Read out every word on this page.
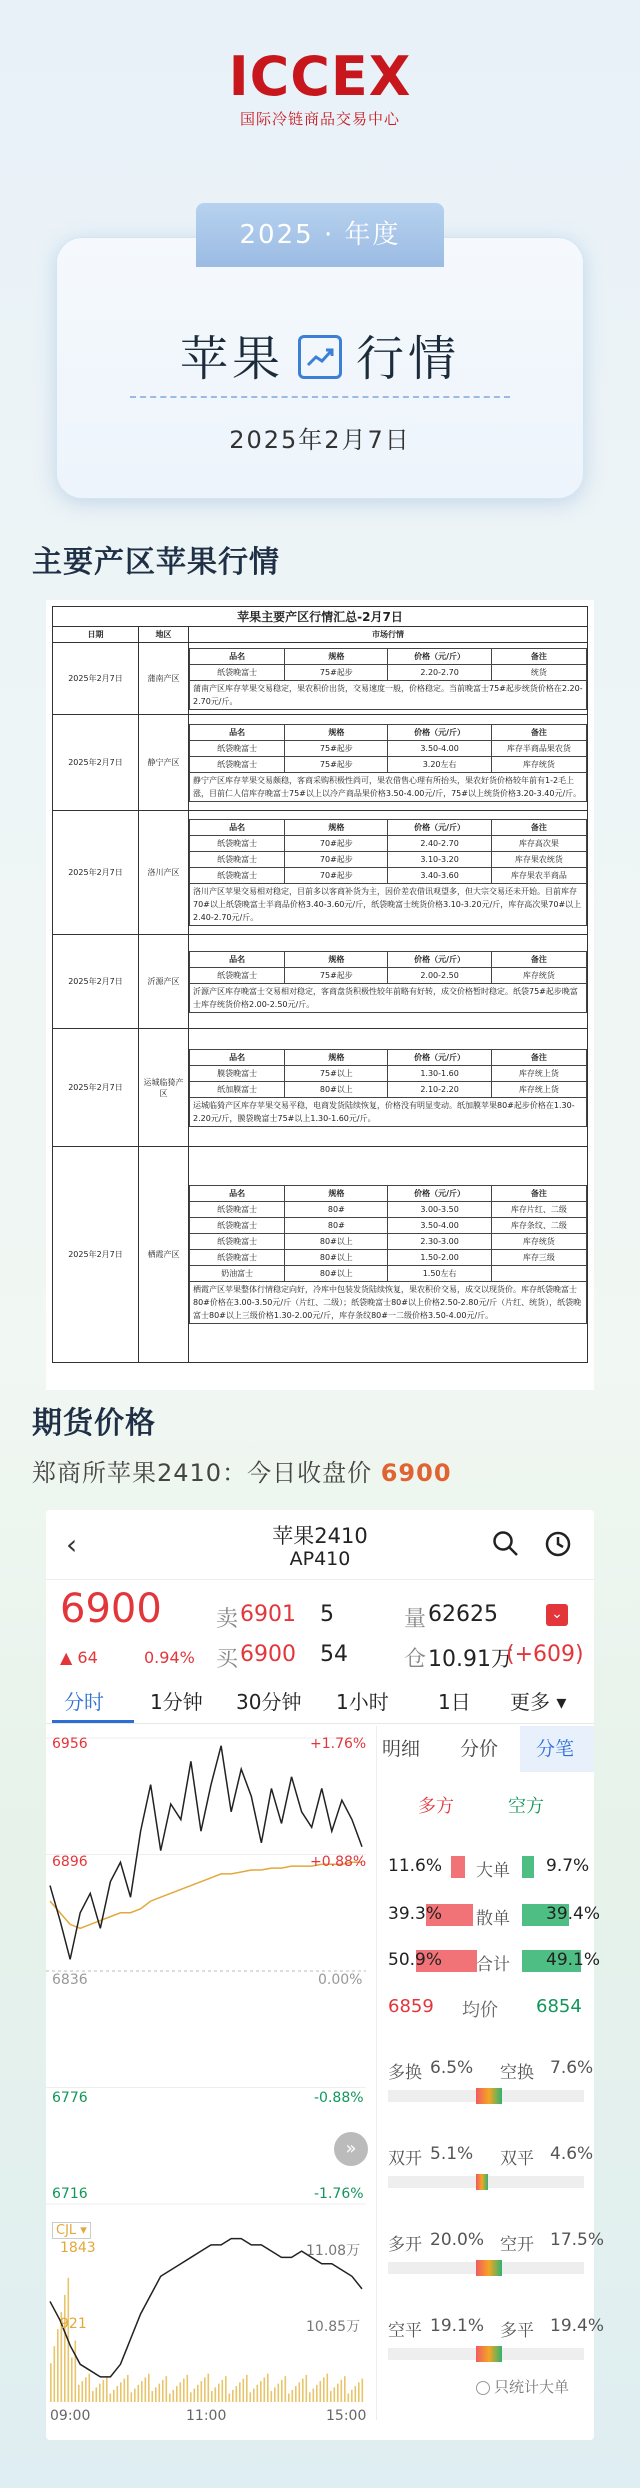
ICCEX
国际冷链商品交易中心
2025 · 年度
苹果 行情
2025年2月7日
主要产区苹果行情
苹果主要产区行情汇总-2月7日
日期	地区	市场行情
2025年2月7日	蒲南产区	
品名	规格	价格（元/斤）	备注
纸袋晚富士	75#起步	2.20-2.70	统货
蒲南产区库存苹果交易稳定，果农积价出货，交易速度一般，价格稳定。当前晚富士75#起步统货价格在2.20-2.70元/斤。

2025年2月7日	静宁产区	
品名	规格	价格（元/斤）	备注
纸袋晚富士	75#起步	3.50-4.00	库存半商品果农货
纸袋晚富士	75#起步	3.20左右	库存统货
静宁产区库存苹果交易颇稳，客商采购积极性尚可，果农借售心理有所抬头，果农好货价格较年前有1-2毛上涨，目前仁人信库存晚富士75#以上以冷产商品果价格3.50-4.00元/斤，75#以上统货价格3.20-3.40元/斤。

2025年2月7日	洛川产区	
品名	规格	价格（元/斤）	备注
纸袋晚富士	70#起步	2.40-2.70	库存高次果
纸袋晚富士	70#起步	3.10-3.20	库存果农统货
纸袋晚富士	70#起步	3.40-3.60	库存果农半商品
洛川产区苹果交易相对稳定，目前多以客商补货为主，因价差农借讯观望多，但大宗交易还未开始。目前库存70#以上纸袋晚富士半商品价格3.40-3.60元/斤，纸袋晚富士统货价格3.10-3.20元/斤，库存高次果70#以上2.40-2.70元/斤。

2025年2月7日	沂源产区	
品名	规格	价格（元/斤）	备注
纸袋晚富士	75#起步	2.00-2.50	库存统货
沂源产区库存晚富士交易相对稳定，客商盘货积极性较年前略有好转，成交价格暂时稳定。纸袋75#起步晚富士库存统货价格2.00-2.50元/斤。

2025年2月7日	运城临猗产区	
品名	规格	价格（元/斤）	备注
膜袋晚富士	75#以上	1.30-1.60	库存统上货
纸加膜富士	80#以上	2.10-2.20	库存统上货
运城临猗产区库存苹果交易平稳，电商发货陆续恢复，价格没有明显变动。纸加膜苹果80#起步价格在1.30-2.20元/斤，膜袋晚富士75#以上1.30-1.60元/斤。

2025年2月7日	栖霞产区	
品名	规格	价格（元/斤）	备注
纸袋晚富士	80#	3.00-3.50	库存片红、二级
纸袋晚富士	80#	3.50-4.00	库存条纹、二级
纸袋晚富士	80#以上	2.30-3.00	库存统货
纸袋晚富士	80#以上	1.50-2.00	库存三级
奶油富士	80#以上	1.50左右	
栖霞产区苹果整体行情稳定向好，冷库中包装发货陆续恢复，果农积价交易，成交以现货价。库存纸袋晚富士80#价格在3.00-3.50元/斤（片红、二级）；纸袋晚富士80#以上价格2.50-2.80元/斤（片红、统货），纸袋晚富士80#以上三级价格1.30-2.00元/斤，库存条纹80#一二级价格3.50-4.00元/斤。
期货价格
郑商所苹果2410：今日收盘价 6900
‹	苹果2410
AP410
6900
▲ 64	0.94%
卖 6901 5
买 6900 54
量 62625	⌄
仓 10.91万
(+609)
分时 1分钟 30分钟 1小时 1日 更多 ▾
6956
6896
6836
6776
6716
+1.76%
+0.88%
0.00%
-0.88%
-1.76%
»
CJL ▾
1843
921
11.08万
10.85万
09:00	11:00	15:00
明细 分价 分笔
多方	空方
11.6% 大单 9.7%
39.3% 散单 39.4%
50.9% 合计 49.1%
6859 均价 6854
多换 6.5% 空换 7.6%
双开 5.1% 双平 4.6%
多开 20.0% 空开 17.5%
空平 19.1% 多平 19.4%
只统计大单
